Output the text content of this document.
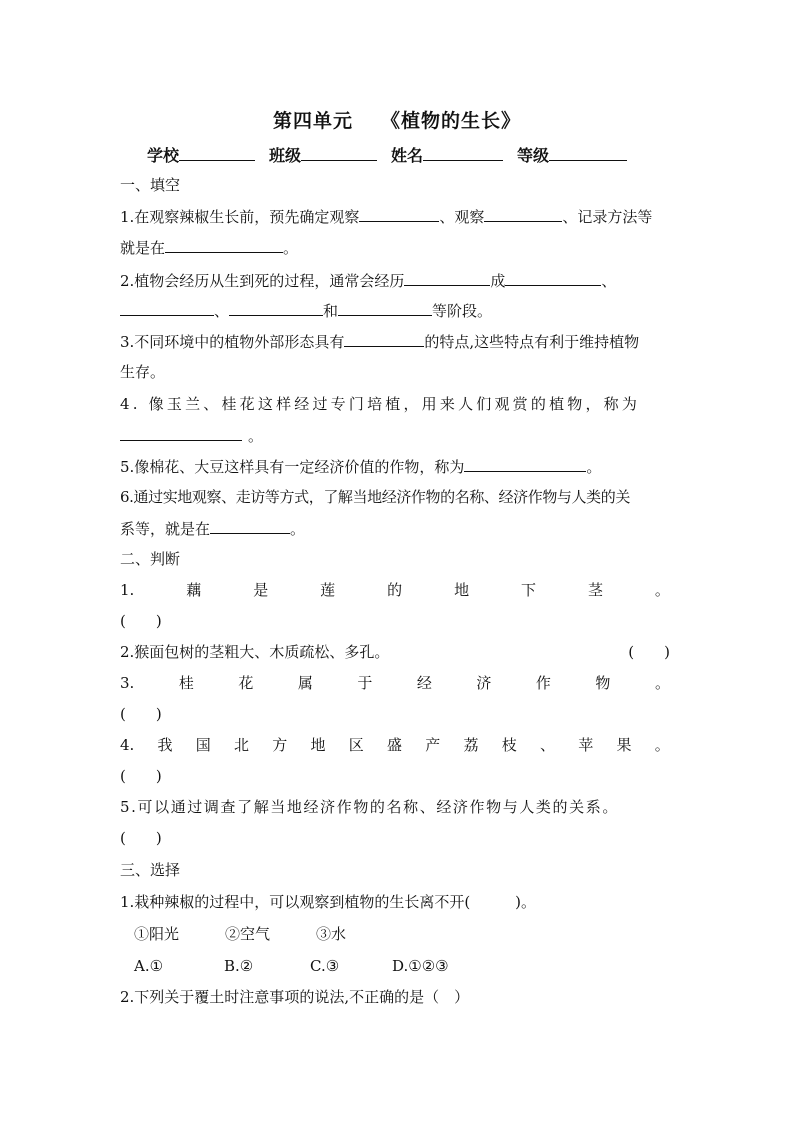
第四单元 《植物的生长》
学校	班级	姓名	等级
一、填空
1.在观察辣椒生长前，预先确定观察	、观察	、记录方法等
就是在	。
2.植物会经历从生到死的过程，通常会经历	成	、
、	和	等阶段。
3.不同环境中的植物外部形态具有	的特点,这些特点有利于维持植物
生存。
4. 像玉兰、桂花这样经过专门培植，用来人们观赏的植物，称为
。
5.像棉花、大豆这样具有一定经济价值的作物，称为	。
6.通过实地观察、走访等方式，了解当地经济作物的名称、经济作物与人类的关
系等，就是在	。
二、判断
1.	藕	是	莲	的	地	下	茎	。
(　　)
2.猴面包树的茎粗大、木质疏松、多孔。	(　　)
3.	桂	花	属	于	经	济	作	物	。
(　　)
4. 我 国 北 方 地 区 盛 产 荔 枝 、 苹 果 。
(　　)
5.可以通过调查了解当地经济作物的名称、经济作物与人类的关系。
(　　)
三、选择
1.栽种辣椒的过程中，可以观察到植物的生长离不开(　　　)。
①阳光	②空气	③水
A.①	B.②	C.③	D.①②③
2.下列关于覆土时注意事项的说法,不正确的是（　）
